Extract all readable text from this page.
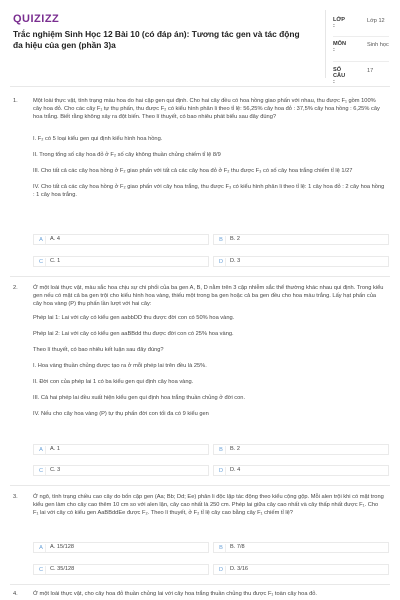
QUIZIZZ
Trắc nghiệm Sinh Học 12 Bài 10 (có đáp án): Tương tác gen và tác động đa hiệu của gen (phần 3)a
LỚP :
Lớp 12
MÔN :
Sinh học
SỐ CÂU :
17
1.	Một loài thực vật, tính trạng màu hoa do hai cặp gen qui định. Cho hai cây đều có hoa hồng giao phấn với nhau, thu được F₁ gồm 100% cây hoa đỏ. Cho các cây F₁ tự thụ phấn, thu được F₂ có kiểu hình phân li theo tỉ lệ: 56,25% cây hoa đỏ : 37,5% cây hoa hồng : 6,25% cây hoa trắng. Biết rằng không xảy ra đột biến. Theo lí thuyết, có bao nhiêu phát biểu sau đây đúng?

I. F₂ có 5 loại kiểu gen qui định kiểu hình hoa hồng.

II. Trong tổng số cây hoa đỏ ở F₂ số cây không thuần chủng chiếm tỉ lệ 8/9

III. Cho tất cả các cây hoa hồng ở F₂ giao phấn với tất cả các cây hoa đỏ ở F₂ thu được F₃ có số cây hoa trắng chiếm tỉ lệ 1/27

IV. Cho tất cả các cây hoa hồng ở F₂ giao phấn với cây hoa trắng, thu được F₃ có kiểu hình phân li theo tỉ lệ: 1 cây hoa đỏ : 2 cây hoa hồng : 1 cây hoa trắng.

A	A. 4	B	B. 2
C	C. 1	D	D. 3
2.	Ở một loài thực vật, màu sắc hoa chịu sự chi phối của ba gen A, B, D nằm trên 3 cặp nhiễm sắc thể thường khác nhau qui định. Trong kiểu gen nếu có mặt cả ba gen trội cho kiểu hình hoa vàng, thiếu một trong ba gen hoặc cả ba gen đều cho hoa màu trắng. Lấy hạt phấn của cây hoa vàng (P) thụ phấn lần lượt với hai cây:

Phép lai 1: Lai với cây có kiểu gen aabbDD thu được đời con có 50% hoa vàng.

Phép lai 2: Lai với cây có kiểu gen aaBBdd thu được đời con có 25% hoa vàng.

Theo lí thuyết, có bao nhiêu kết luận sau đây đúng?

I. Hoa vàng thuần chủng được tạo ra ở mỗi phép lai trên đều là 25%.

II. Đời con của phép lai 1 có ba kiểu gen qui định cây hoa vàng.

III. Cả hai phép lai đều xuất hiện kiểu gen qui định hoa trắng thuần chủng ở đời con.

IV. Nếu cho cây hoa vàng (P) tự thụ phấn đời con tối đa có 9 kiểu gen

A	A. 1	B	B. 2
C	C. 3	D	D. 4
3.	Ở ngô, tính trạng chiều cao cây do bốn cặp gen (Aa; Bb; Dd; Ee) phân li độc lập tác động theo kiểu cộng gộp. Mỗi alen trội khi có mặt trong kiểu gen làm cho cây cao thêm 10 cm so với alen lặn, cây cao nhất là 250 cm. Phép lai giữa cây cao nhất và cây thấp nhất được F₁. Cho F₁ lai với cây có kiểu gen AaBBddEe được F₂. Theo lí thuyết, ở F₂ tỉ lệ cây cao bằng cây F₁ chiếm tỉ lệ?

A	A. 15/128	B	B. 7/8
C	C. 35/128	D	D. 3/16
4.	Ở một loài thực vật, cho cây hoa đỏ thuần chủng lai với cây hoa trắng thuần chủng thu được F₁ toàn cây hoa đỏ.
